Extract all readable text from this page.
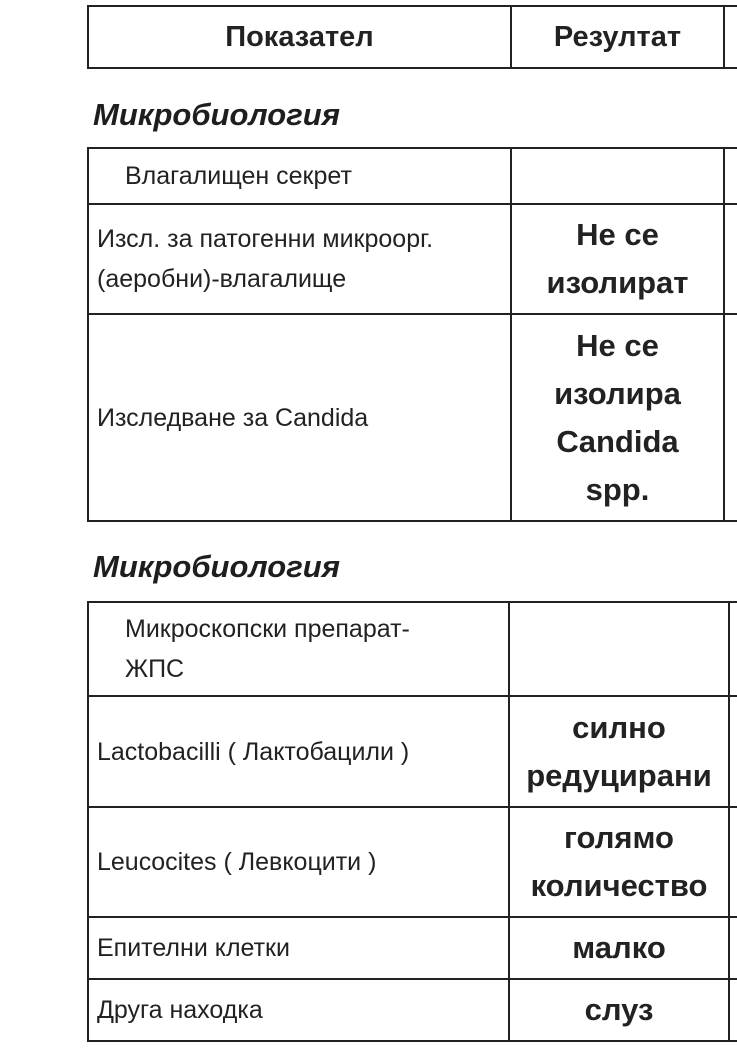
Показател	Резултат	
Микробиология
Влагалищен секрет		
Изсл. за патогенни микроорг. (аеробни)-влагалище	Не се изолират	
Изследване за Candida	Не се изолира Candida spp.	
Микробиология
Микроскопски препарат-ЖПС		
Lactobacilli ( Лактобацили )	силно редуцирани	
Leucocites ( Левкоцити )	голямо количество	
Епителни клетки	малко	
Друга находка	слуз	
